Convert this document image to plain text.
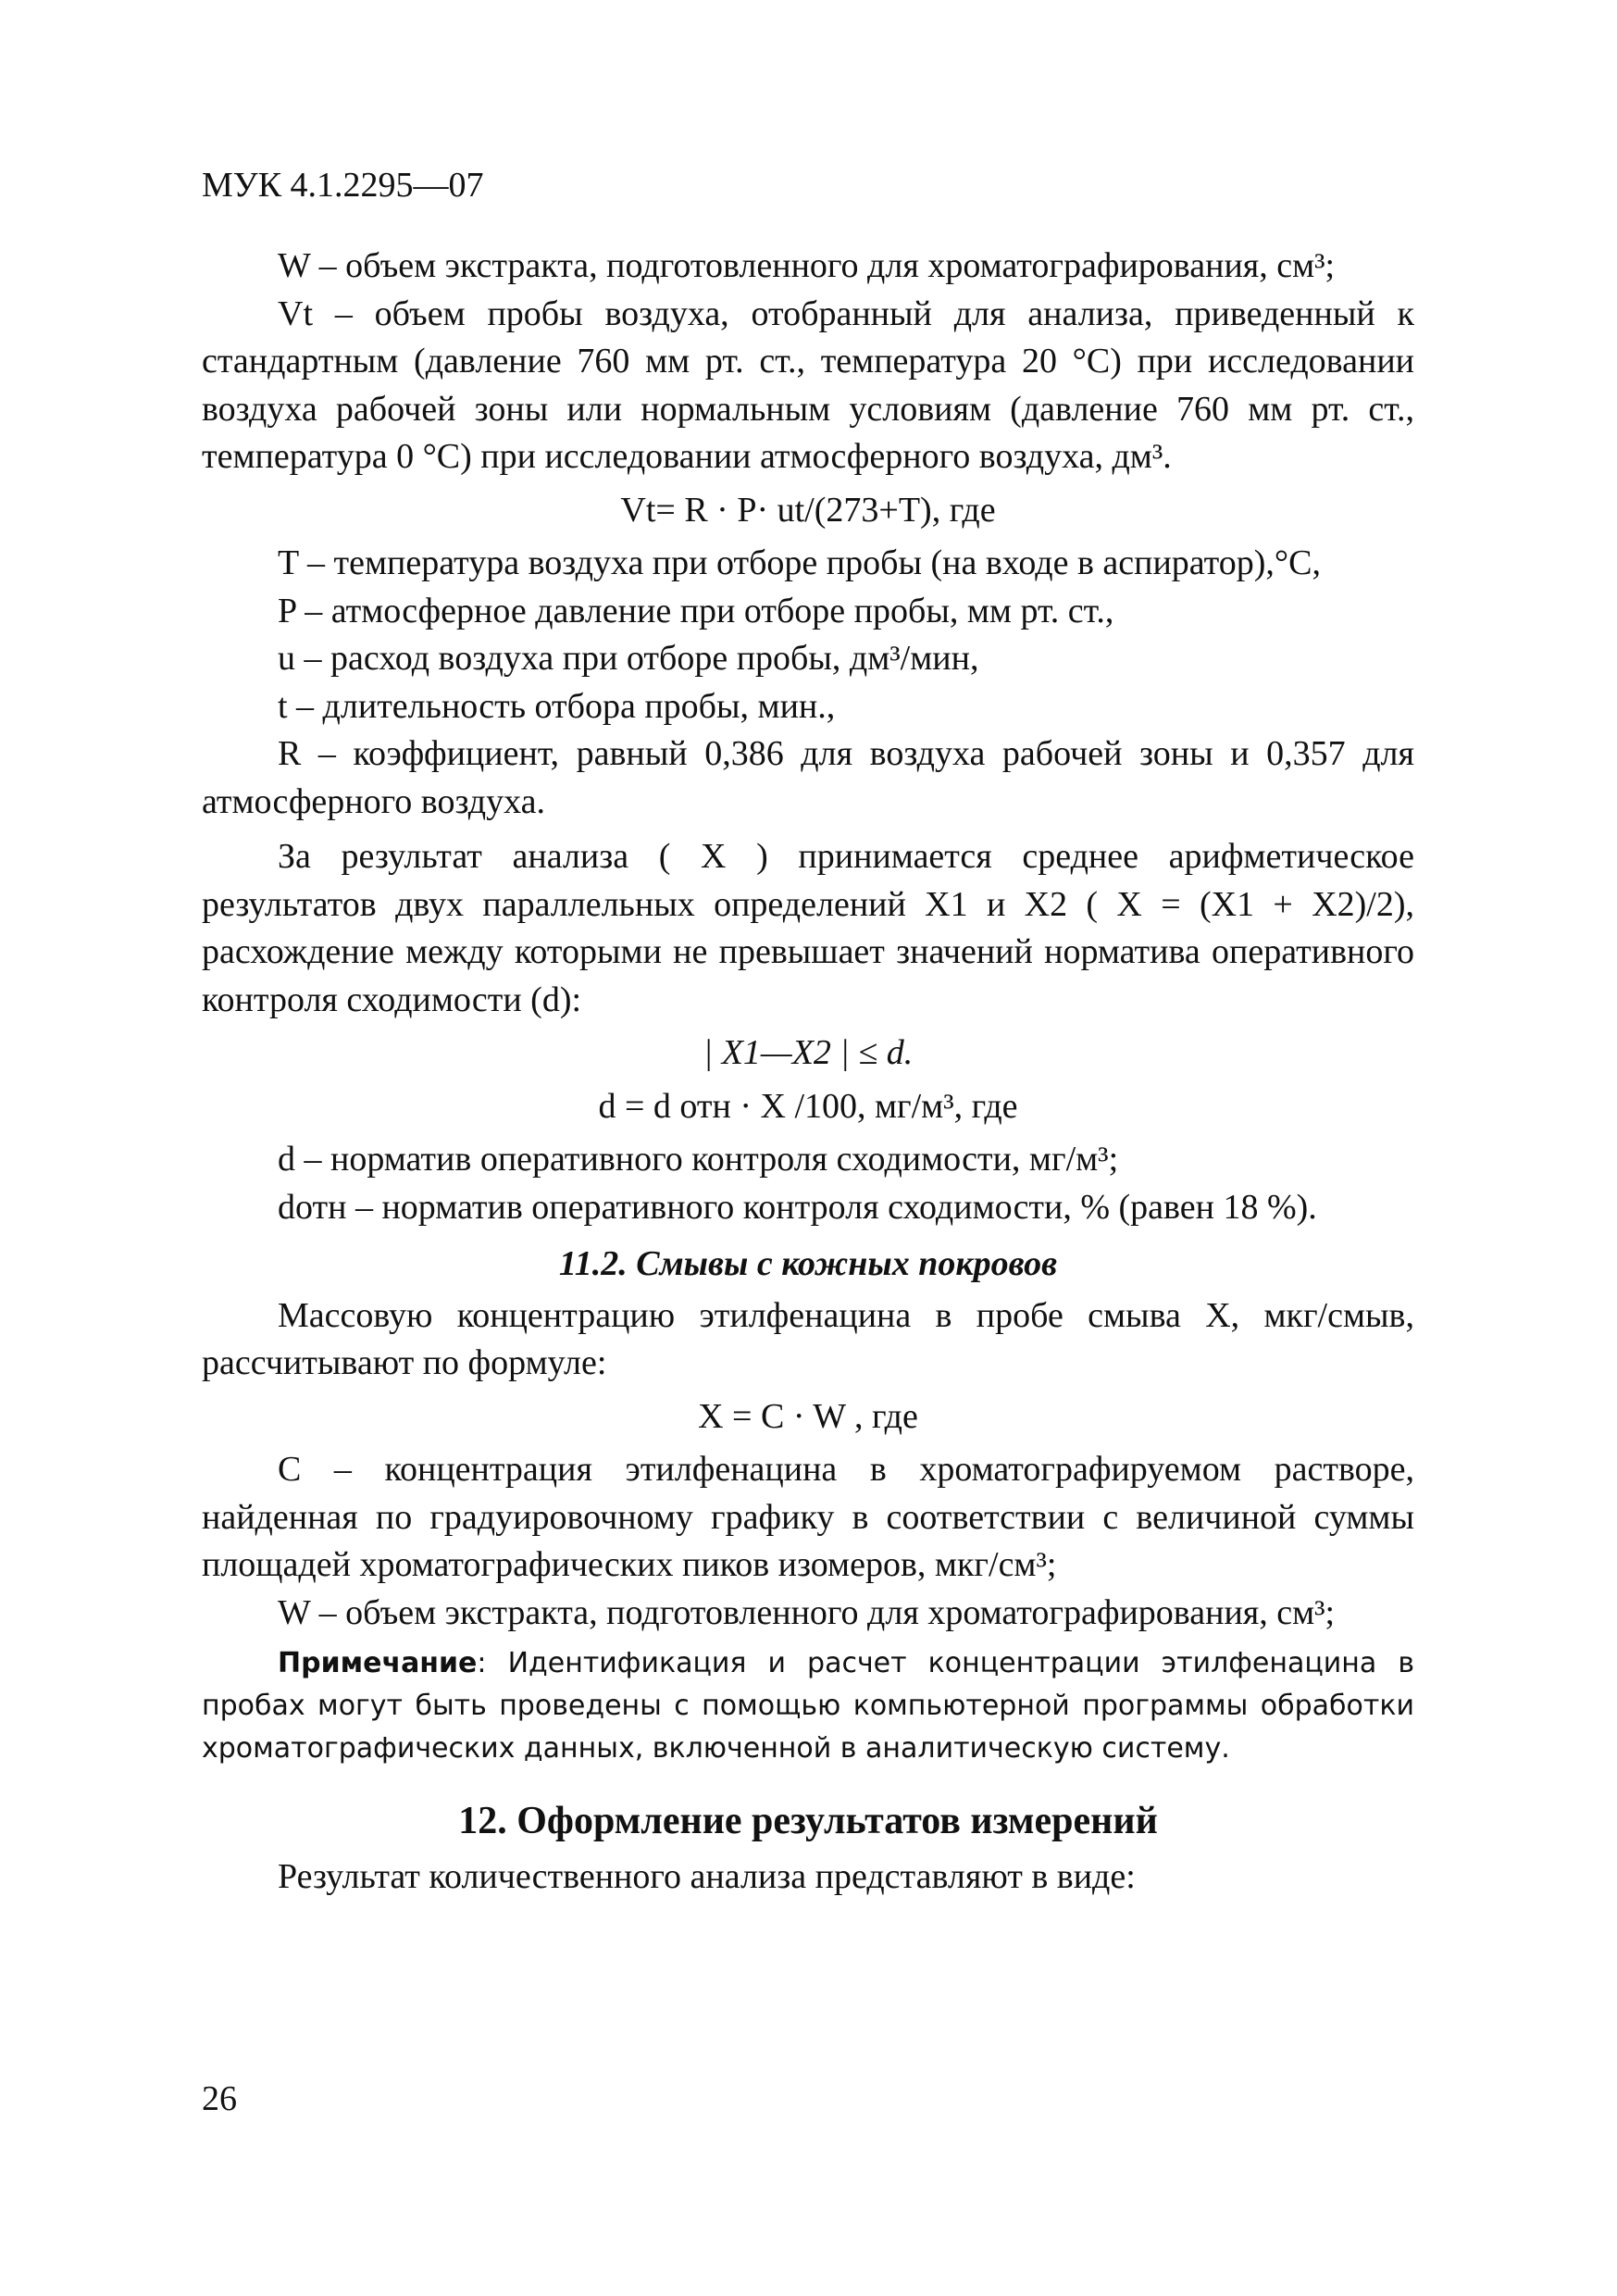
МУК 4.1.2295—07

W – объем экстракта, подготовленного для хроматографирования, см³;

Vt – объем пробы воздуха, отобранный для анализа, приведенный к стандартным (давление 760 мм рт. ст., температура 20 °С) при исследовании воздуха рабочей зоны или нормальным условиям (давление 760 мм рт. ст., температура 0 °С) при исследовании атмосферного воздуха, дм³.

Vt= R · P· ut/(273+T), где

T – температура воздуха при отборе пробы (на входе в аспиратор),°С,

P – атмосферное давление при отборе пробы, мм рт. ст.,

u – расход воздуха при отборе пробы, дм³/мин,

t – длительность отбора пробы, мин.,

R – коэффициент, равный 0,386 для воздуха рабочей зоны и 0,357 для атмосферного воздуха.

За результат анализа ( X ) принимается среднее арифметическое результатов двух параллельных определений X1 и X2 ( X = (X1 + X2)/2), расхождение между которыми не превышает значений норматива оперативного контроля сходимости (d):

| X1—X2 | ≤ d.

d = d отн · X /100, мг/м³, где

d – норматив оперативного контроля сходимости, мг/м³;

dотн – норматив оперативного контроля сходимости, % (равен 18 %).

11.2. Смывы с кожных покровов

Массовую концентрацию этилфенацина в пробе смыва X, мкг/смыв, рассчитывают по формуле:

X = C · W , где

C – концентрация этилфенацина в хроматографируемом растворе, найденная по градуировочному графику в соответствии с величиной суммы площадей хроматографических пиков изомеров, мкг/см³;

W – объем экстракта, подготовленного для хроматографирования, см³;

Примечание: Идентификация и расчет концентрации этилфенацина в пробах могут быть проведены с помощью компьютерной программы обработки хроматографических данных, включенной в аналитическую систему.

12. Оформление результатов измерений

Результат количественного анализа представляют в виде:

26
